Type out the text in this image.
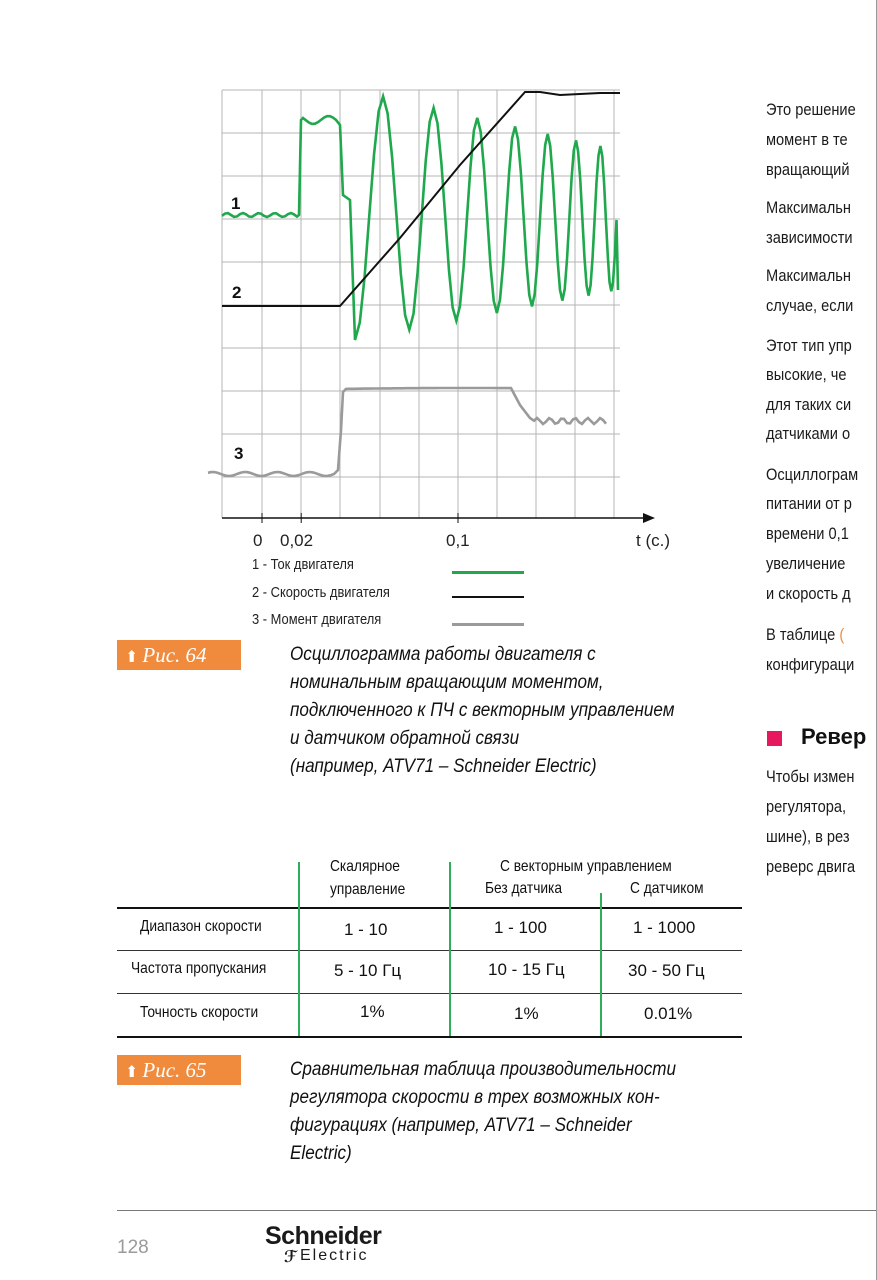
1
2
3
0 0,02	0,1	t (с.)
1 - Ток двигателя
2 - Скорость двигателя
3 - Момент двигателя
⬆ Рис. 64	Осциллограмма работы двигателя с
номинальным вращающим моментом,
подключенного к ПЧ с векторным управлением
и датчиком обратной связи
(например, ATV71 – Schneider Electric)
Это решение
момент в те
вращающий
Максимальн
зависимости
Максимальн
случае, если
Этот тип упр
высокие, че
для таких си
датчиками о
Осциллограм
питании от р
времени 0,1
увеличение
и скорость д
В таблице (
конфигураци
Ревер
Чтобы измен
регулятора,
шине), в рез
реверс двига
Скалярное
управление
С векторным управлением
Без датчика	С датчиком
Диапазон скорости	1 - 10	1 - 100	1 - 1000
Частота пропускания	5 - 10 Гц	10 - 15 Гц	30 - 50 Гц
Точность скорости	1%	1%	0.01%
⬆ Рис. 65	Сравнительная таблица производительности
регулятора скорости в трех возможных кон-
фигурациях (например, ATV71 – Schneider
Electric)
128	Schneider
ℱ Electric
